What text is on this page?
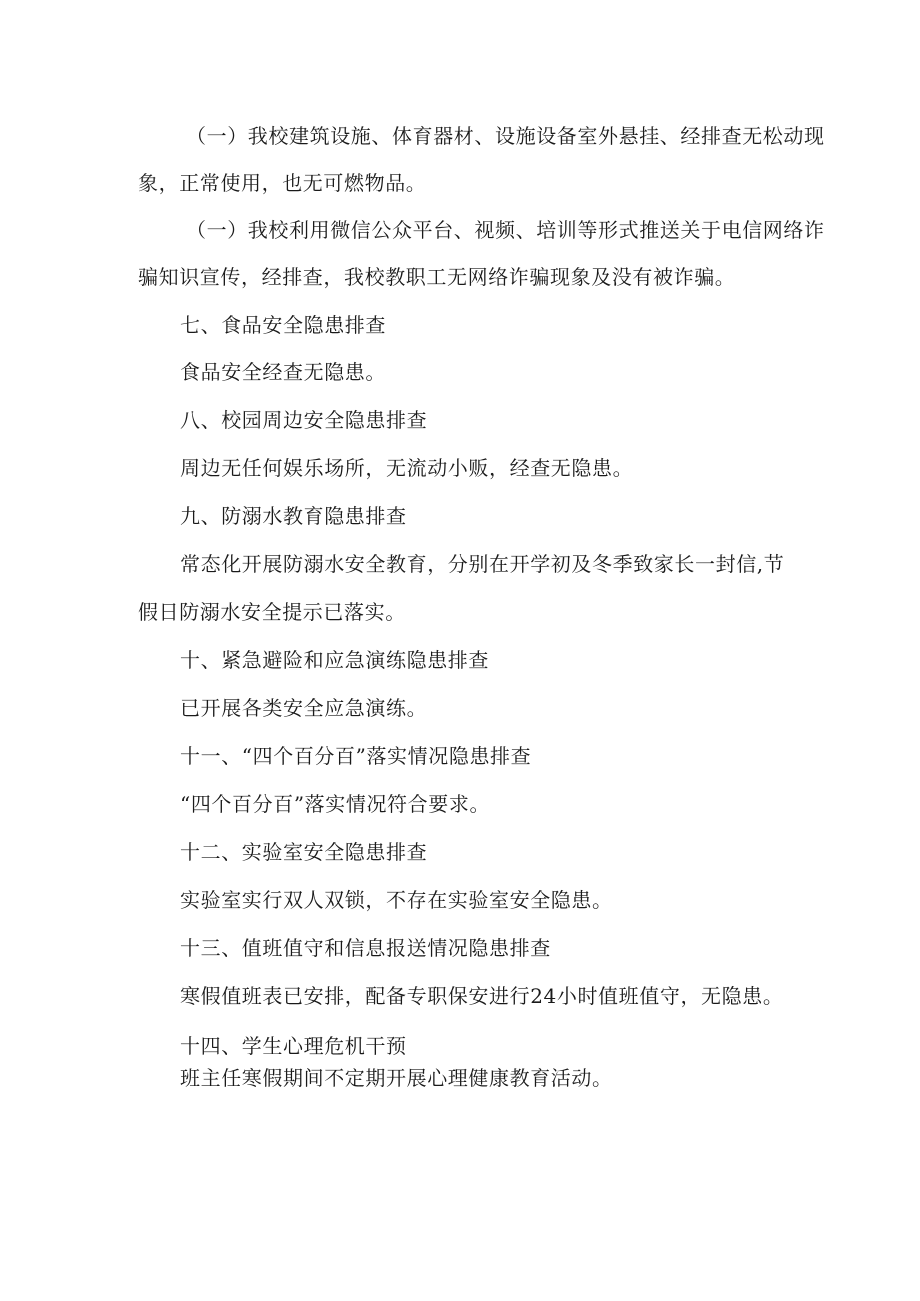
（一）我校建筑设施、体育器材、设施设备室外悬挂、经排查无松动现
象，正常使用，也无可燃物品。
（一）我校利用微信公众平台、视频、培训等形式推送关于电信网络诈
骗知识宣传，经排查，我校教职工无网络诈骗现象及没有被诈骗。
七、食品安全隐患排查
食品安全经查无隐患。
八、校园周边安全隐患排查
周边无任何娱乐场所，无流动小贩，经查无隐患。
九、防溺水教育隐患排查
常态化开展防溺水安全教育，分别在开学初及冬季致家长一封信,节
假日防溺水安全提示已落实。
十、紧急避险和应急演练隐患排查
已开展各类安全应急演练。
十一、“四个百分百”落实情况隐患排查
“四个百分百”落实情况符合要求。
十二、实验室安全隐患排查
实验室实行双人双锁，不存在实验室安全隐患。
十三、值班值守和信息报送情况隐患排查
寒假值班表已安排，配备专职保安进行24小时值班值守，无隐患。
十四、学生心理危机干预
班主任寒假期间不定期开展心理健康教育活动。
